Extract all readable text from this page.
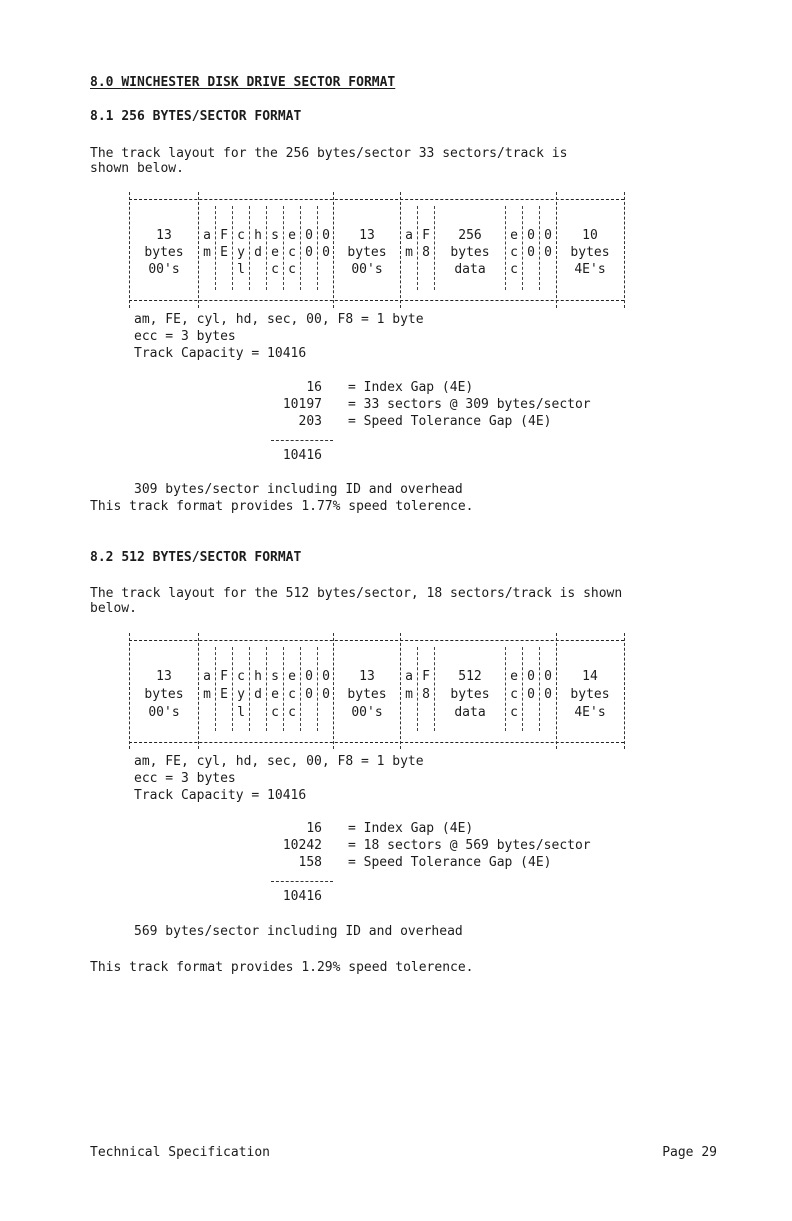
8.0 WINCHESTER DISK DRIVE SECTOR FORMAT
8.1 256 BYTES/SECTOR FORMAT
The track layout for the 256 bytes/sector 33 sectors/track is
shown below.
13
bytes
00's
a
m
F
E
c
y
l
h
d
s
e
c
e
c
c
0
0
0
0
13
bytes
00's
a
m
F
8
256
bytes
data
e
c
c
0
0
0
0
10
bytes
4E's
am, FE, cyl, hd, sec, 00, F8 = 1 byte
ecc = 3 bytes
Track Capacity = 10416
16 = Index Gap (4E)
10197 = 33 sectors @ 309 bytes/sector
203 = Speed Tolerance Gap (4E)
10416
309 bytes/sector including ID and overhead
This track format provides 1.77% speed tolerence.
8.2 512 BYTES/SECTOR FORMAT
The track layout for the 512 bytes/sector, 18 sectors/track is shown
below.
13
bytes
00's
a
m
F
E
c
y
l
h
d
s
e
c
e
c
c
0
0
0
0
13
bytes
00's
a
m
F
8
512
bytes
data
e
c
c
0
0
0
0
14
bytes
4E's
am, FE, cyl, hd, sec, 00, F8 = 1 byte
ecc = 3 bytes
Track Capacity = 10416
16 = Index Gap (4E)
10242 = 18 sectors @ 569 bytes/sector
158 = Speed Tolerance Gap (4E)
10416
569 bytes/sector including ID and overhead
This track format provides 1.29% speed tolerence.
Technical Specification	Page 29
